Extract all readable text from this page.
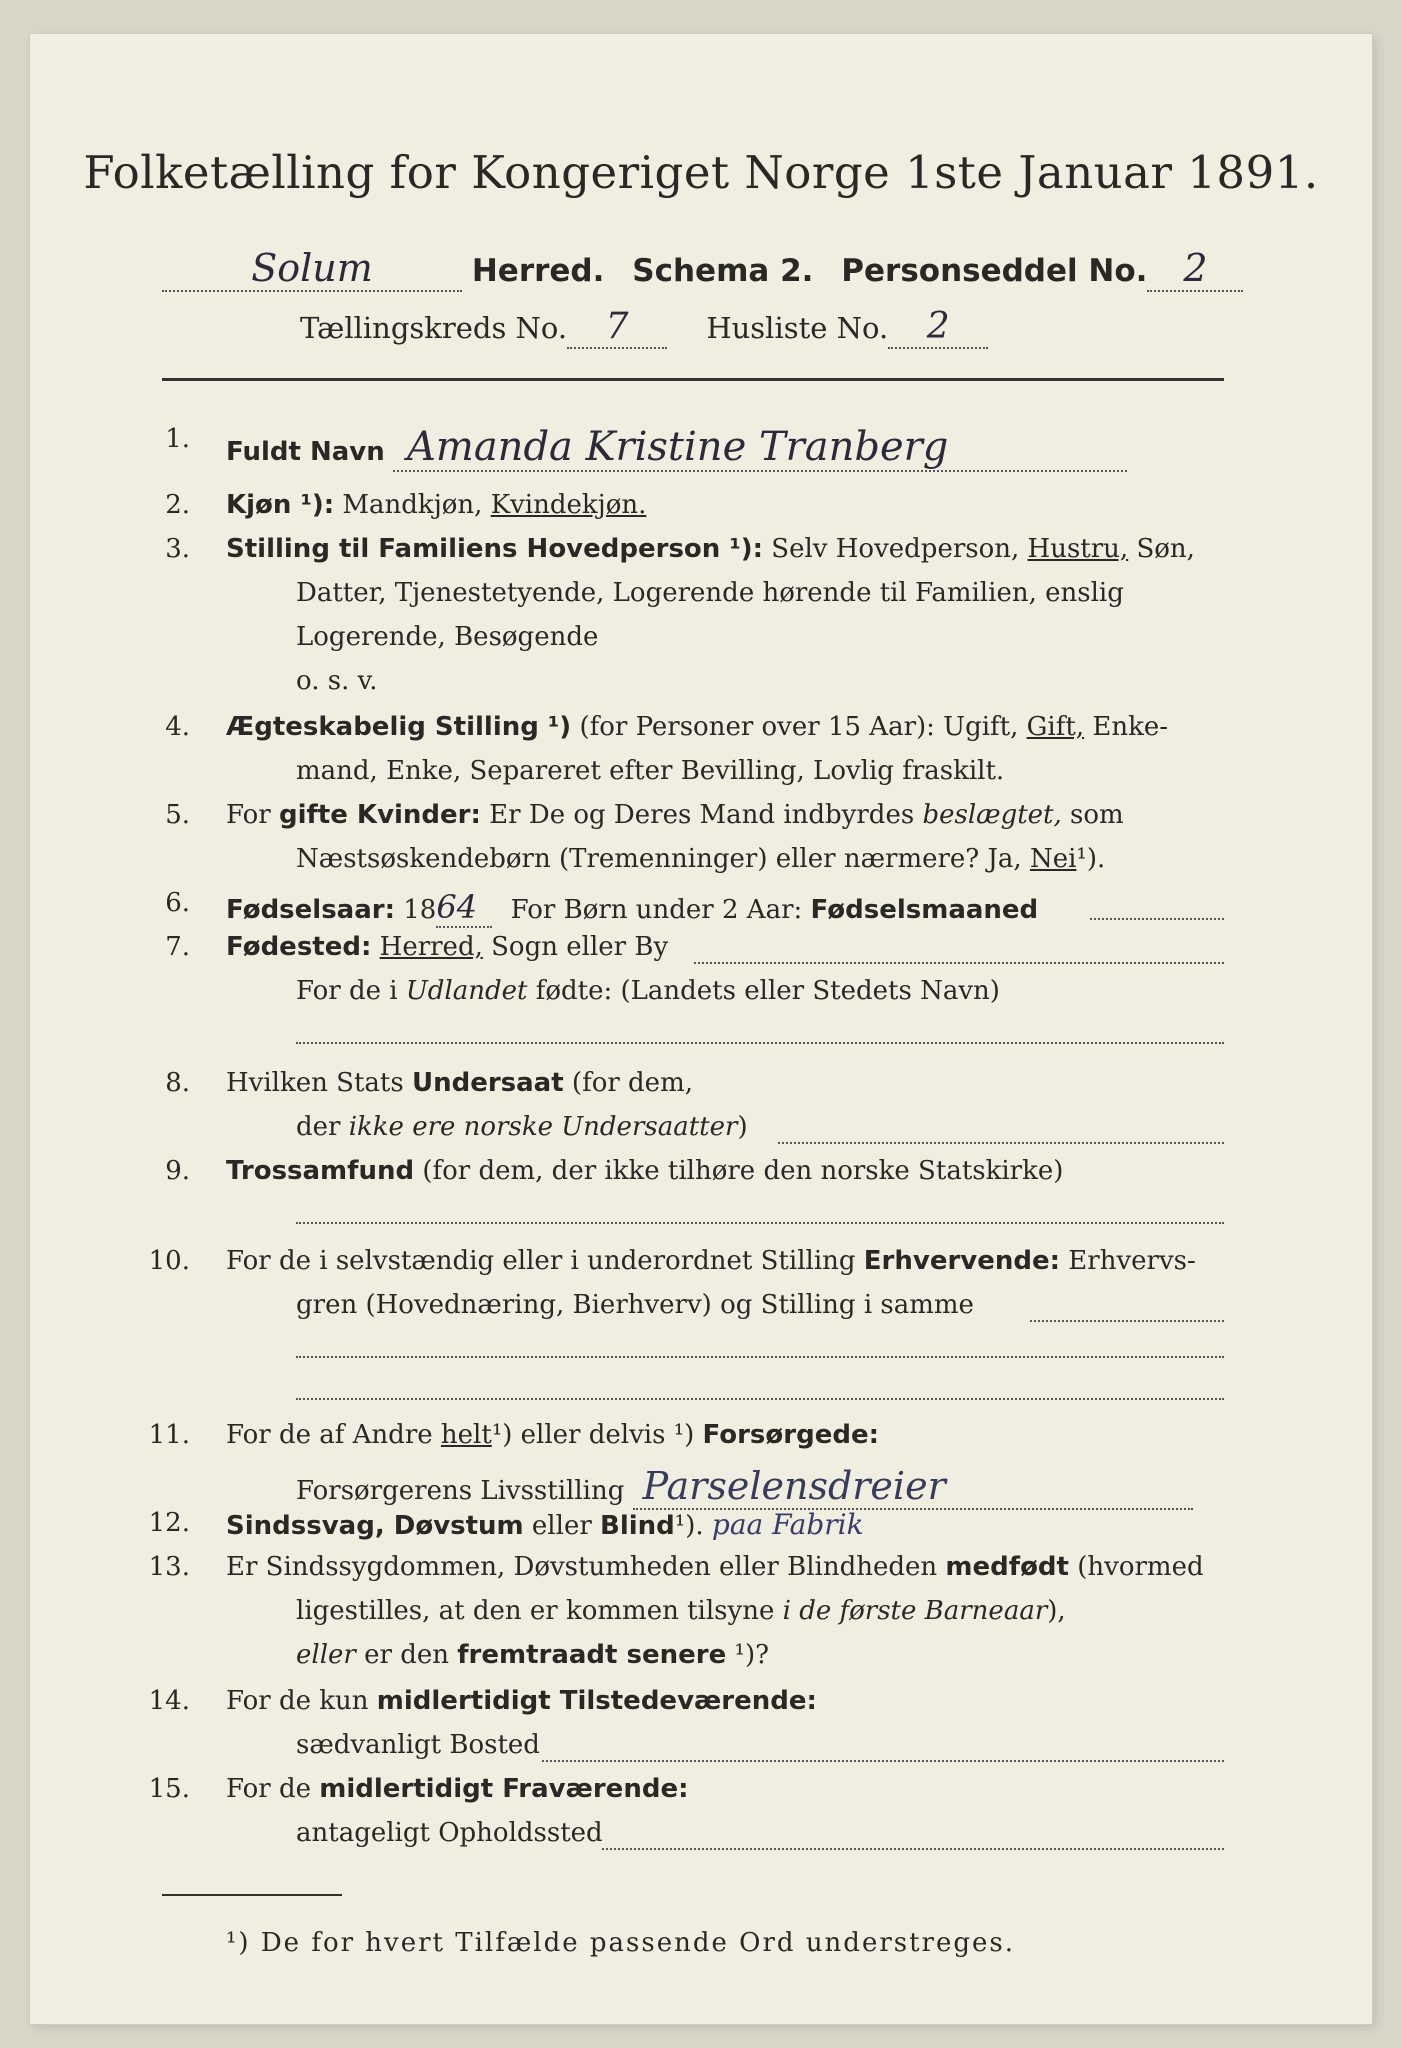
Folketælling for Kongeriget Norge 1ste Januar 1891.
Solum	Herred. Schema 2. Personseddel No. 2
Tællingskreds No. 7	Husliste No. 2
1. Fuldt Navn Amanda Kristine Tranberg
2. Kjøn ¹): Mandkjøn, Kvindekjøn.
3. Stilling til Familiens Hovedperson ¹): Selv Hovedperson, Hustru, Søn,
Datter, Tjenestetyende, Logerende hørende til Familien, enslig
Logerende, Besøgende
o. s. v.
4. Ægteskabelig Stilling ¹) (for Personer over 15 Aar): Ugift, Gift, Enke-
mand, Enke, Separeret efter Bevilling, Lovlig fraskilt.
5. For gifte Kvinder: Er De og Deres Mand indbyrdes beslægtet, som
Næstsøskendebørn (Tremenninger) eller nærmere? Ja, Nei¹).
6. Fødselsaar: 1864 For Børn under 2 Aar: Fødselsmaaned
7. Fødested: Herred, Sogn eller By
For de i Udlandet fødte: (Landets eller Stedets Navn)
8. Hvilken Stats Undersaat (for dem,
der ikke ere norske Undersaatter)
9. Trossamfund (for dem, der ikke tilhøre den norske Statskirke)
10. For de i selvstændig eller i underordnet Stilling Erhvervende: Erhvervs-
gren (Hovednæring, Bierhverv) og Stilling i samme
11. For de af Andre helt¹) eller delvis ¹) Forsørgede:
Forsørgerens Livsstilling Parselensdreier
12. Sindssvag, Døvstum eller Blind¹). paa Fabrik
13. Er Sindssygdommen, Døvstumheden eller Blindheden medfødt (hvormed
ligestilles, at den er kommen tilsyne i de første Barneaar),
eller er den fremtraadt senere ¹)?
14. For de kun midlertidigt Tilstedeværende:
sædvanligt Bosted
15. For de midlertidigt Fraværende:
antageligt Opholdssted
¹) De for hvert Tilfælde passende Ord understreges.
